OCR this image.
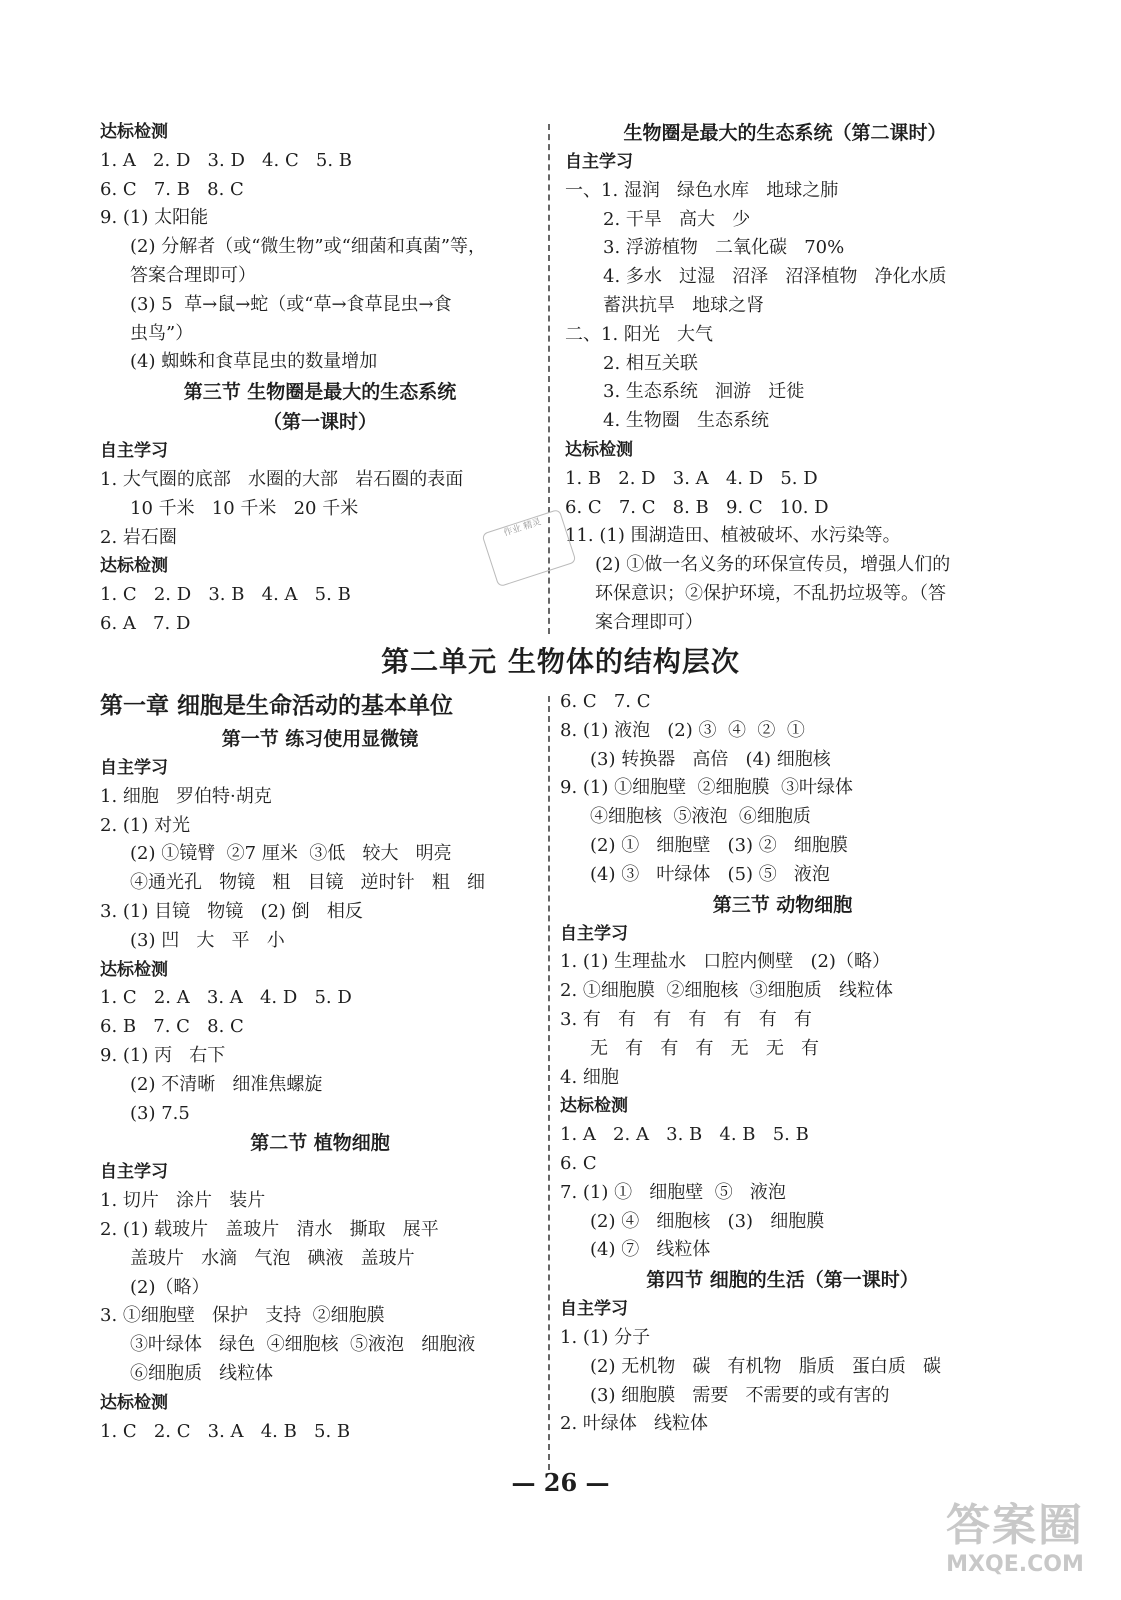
达标检测
1. A   2. D   3. D   4. C   5. B
6. C   7. B   8. C
9. (1) 太阳能
(2) 分解者（或“微生物”或“细菌和真菌”等，
答案合理即可）
(3) 5  草→鼠→蛇（或“草→食草昆虫→食
虫鸟”）
(4) 蜘蛛和食草昆虫的数量增加
第三节 生物圈是最大的生态系统
（第一课时）
自主学习
1. 大气圈的底部   水圈的大部   岩石圈的表面
10 千米   10 千米   20 千米
2. 岩石圈
达标检测
1. C   2. D   3. B   4. A   5. B
6. A   7. D
生物圈是最大的生态系统（第二课时）
自主学习
一、1. 湿润   绿色水库   地球之肺
2. 干旱   高大   少
3. 浮游植物   二氧化碳   70%
4. 多水   过湿   沼泽   沼泽植物   净化水质
蓄洪抗旱   地球之肾
二、1. 阳光   大气
2. 相互关联
3. 生态系统   洄游   迁徙
4. 生物圈   生态系统
达标检测
1. B   2. D   3. A   4. D   5. D
6. C   7. C   8. B   9. C   10. D
11. (1) 围湖造田、植被破坏、水污染等。
(2) ①做一名义务的环保宣传员，增强人们的
环保意识；②保护环境，不乱扔垃圾等。（答
案合理即可）
作业 精灵
第二单元 生物体的结构层次
第一章 细胞是生命活动的基本单位
第一节 练习使用显微镜
自主学习
1. 细胞   罗伯特·胡克
2. (1) 对光
(2) ①镜臂  ②7 厘米  ③低   较大   明亮
④通光孔   物镜   粗   目镜   逆时针   粗   细
3. (1) 目镜   物镜   (2) 倒   相反
(3) 凹   大   平   小
达标检测
1. C   2. A   3. A   4. D   5. D
6. B   7. C   8. C
9. (1) 丙   右下
(2) 不清晰   细准焦螺旋
(3) 7.5
第二节 植物细胞
自主学习
1. 切片   涂片   装片
2. (1) 载玻片   盖玻片   清水   撕取   展平
盖玻片   水滴   气泡   碘液   盖玻片
(2)（略）
3. ①细胞壁   保护   支持  ②细胞膜
③叶绿体   绿色  ④细胞核  ⑤液泡   细胞液
⑥细胞质   线粒体
达标检测
1. C   2. C   3. A   4. B   5. B
6. C   7. C
8. (1) 液泡   (2) ③  ④  ②  ①
(3) 转换器   高倍   (4) 细胞核
9. (1) ①细胞壁  ②细胞膜  ③叶绿体
④细胞核  ⑤液泡  ⑥细胞质
(2) ①   细胞壁   (3) ②   细胞膜
(4) ③   叶绿体   (5) ⑤   液泡
第三节 动物细胞
自主学习
1. (1) 生理盐水   口腔内侧壁   (2)（略）
2. ①细胞膜  ②细胞核  ③细胞质   线粒体
3. 有   有   有   有   有   有   有
无   有   有   有   无   无   有
4. 细胞
达标检测
1. A   2. A   3. B   4. B   5. B
6. C
7. (1) ①   细胞壁  ⑤   液泡
(2) ④   细胞核   (3)   细胞膜
(4) ⑦   线粒体
第四节 细胞的生活（第一课时）
自主学习
1. (1) 分子
(2) 无机物   碳   有机物   脂质   蛋白质   碳
(3) 细胞膜   需要   不需要的或有害的
2. 叶绿体   线粒体
— 26 —
答案圈
MXQE.COM
